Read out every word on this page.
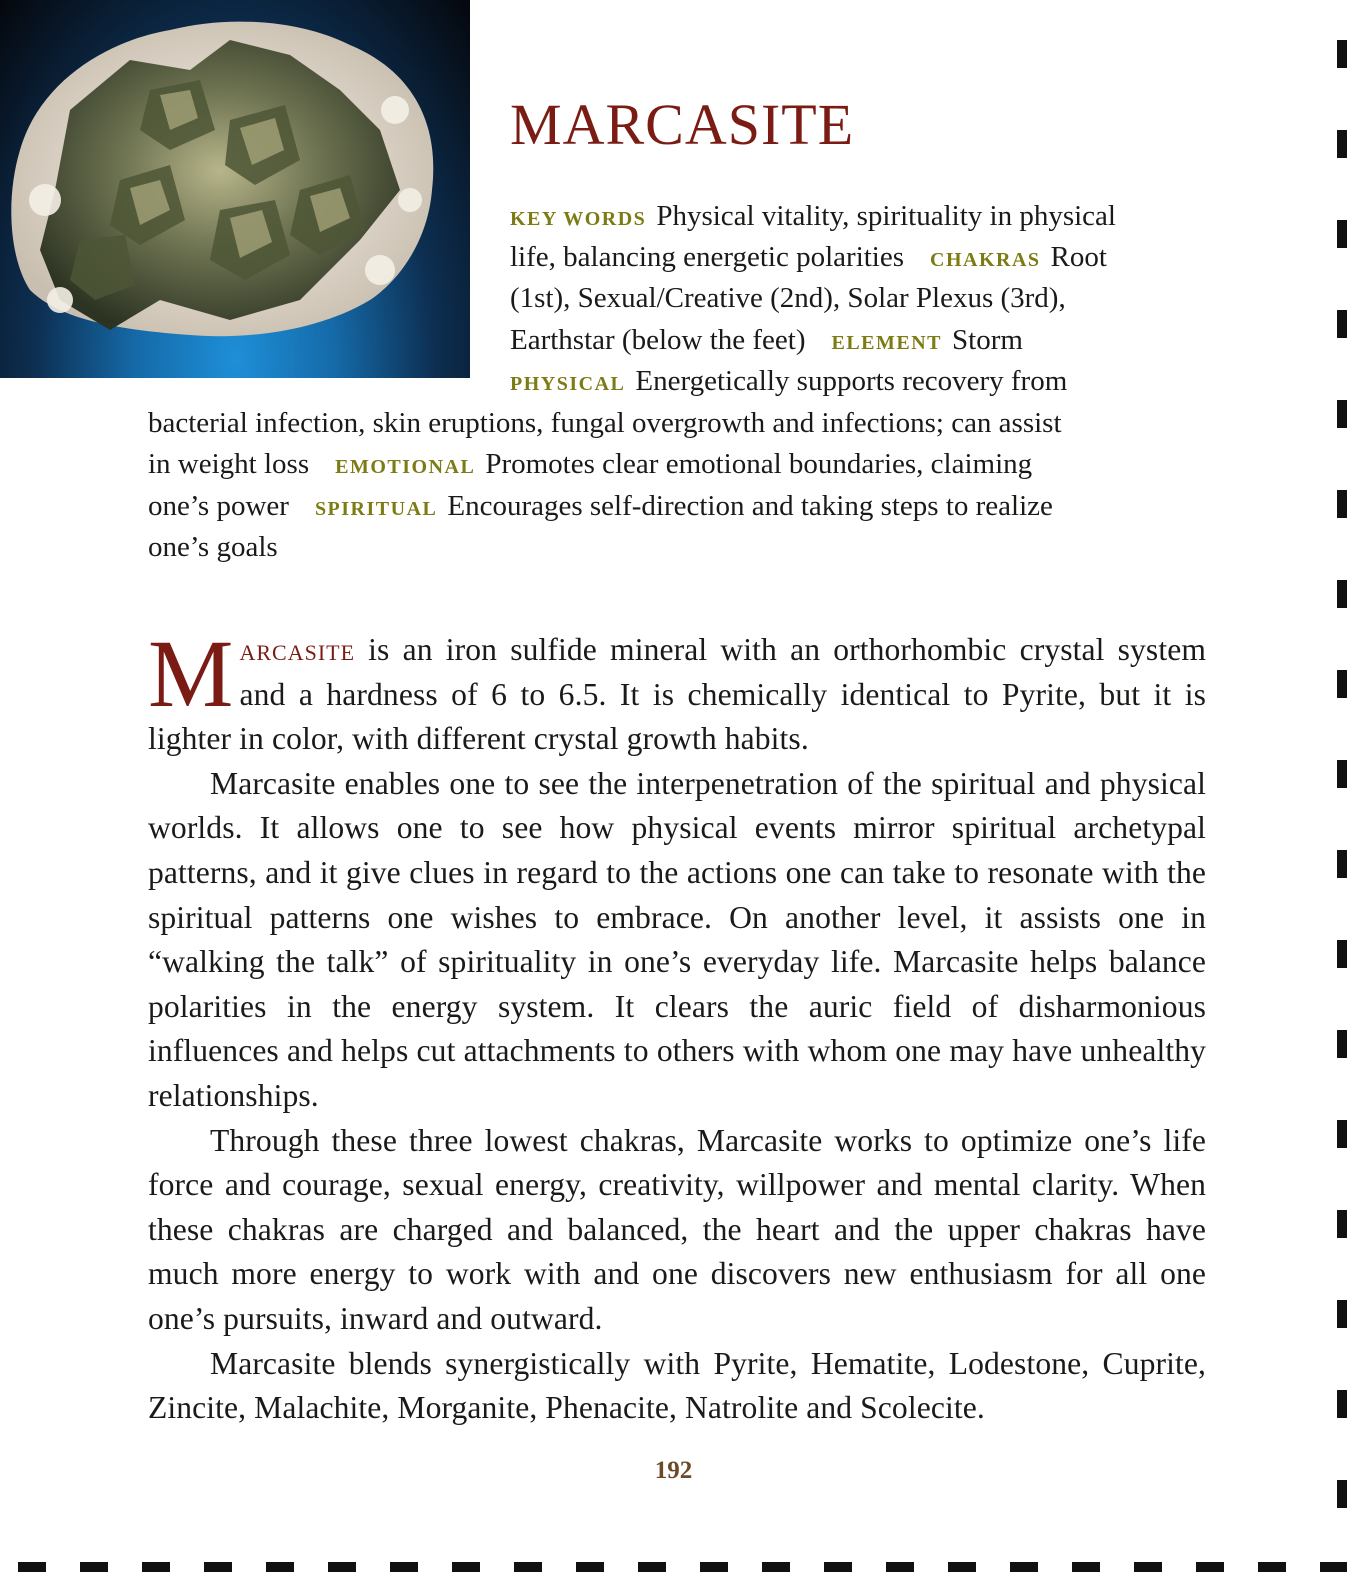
MARCASITE
KEY WORDS Physical vitality, spirituality in physical
life, balancing energetic polarities CHAKRAS Root
(1st), Sexual/Creative (2nd), Solar Plexus (3rd),
Earthstar (below the feet) ELEMENT Storm
PHYSICAL Energetically supports recovery from
bacterial infection, skin eruptions, fungal overgrowth and infections; can assist
in weight loss EMOTIONAL Promotes clear emotional boundaries, claiming
one’s power SPIRITUAL Encourages self-direction and taking steps to realize
one’s goals

Marcasite is an iron sulfide mineral with an orthorhombic crystal system and a hardness of 6 to 6.5. It is chemically identical to Pyrite, but it is lighter in color, with different crystal growth habits.

Marcasite enables one to see the interpenetration of the spiritual and physical worlds. It allows one to see how physical events mirror spiritual archetypal patterns, and it give clues in regard to the actions one can take to resonate with the spiritual patterns one wishes to embrace. On another level, it assists one in “walking the talk” of spirituality in one’s everyday life. Marcasite helps balance polarities in the energy system. It clears the auric field of disharmonious influences and helps cut attachments to others with whom one may have unhealthy relationships.

Through these three lowest chakras, Marcasite works to optimize one’s life force and courage, sexual energy, creativity, willpower and mental clarity. When these chakras are charged and balanced, the heart and the upper chakras have much more energy to work with and one discovers new enthusiasm for all one one’s pursuits, inward and outward.

Marcasite blends synergistically with Pyrite, Hematite, Lodestone, Cuprite, Zincite, Malachite, Morganite, Phenacite, Natrolite and Scolecite.

192
